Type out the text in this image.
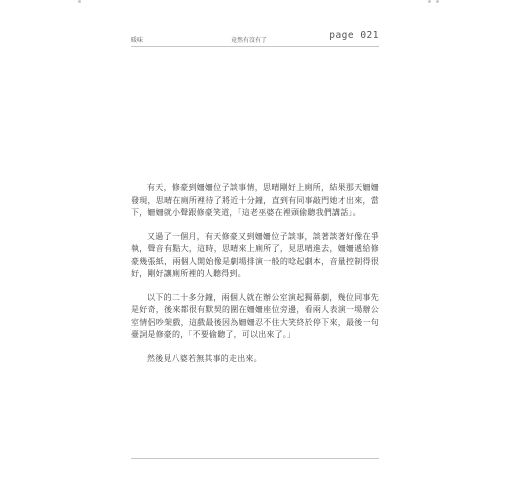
暖味	竟然有沒有了	page 021

有天，修豪到姍姍位子談事情，思晴剛好上廁所，結果那天姍姍發現，思晴在廁所裡待了將近十分鐘，直到有同事敲門她才出來，當下，姍姍就小聲跟修豪笑道，「這老巫婆在裡頭偷聽我們講話」。

又過了一個月，有天修豪又到姍姍位子談事，談著談著好像在爭執，聲音有點大，這時，思晴來上廁所了，見思晴進去，姍姍遞給修豪幾張紙，兩個人開始像是劇場排演一般的唸起劇本，音量控制得很好，剛好讓廁所裡的人聽得到。

以下的二十多分鐘，兩個人就在辦公室演起獨幕劇，幾位同事先是好奇，後來都很有默契的圍在姍姍座位旁邊，看兩人表演一場辦公室情侶吵架戲，這戲最後因為姍姍忍不住大笑終於停下來，最後一句臺詞是修豪的，「不要偷聽了，可以出來了。」

然後見八婆若無其事的走出來。
